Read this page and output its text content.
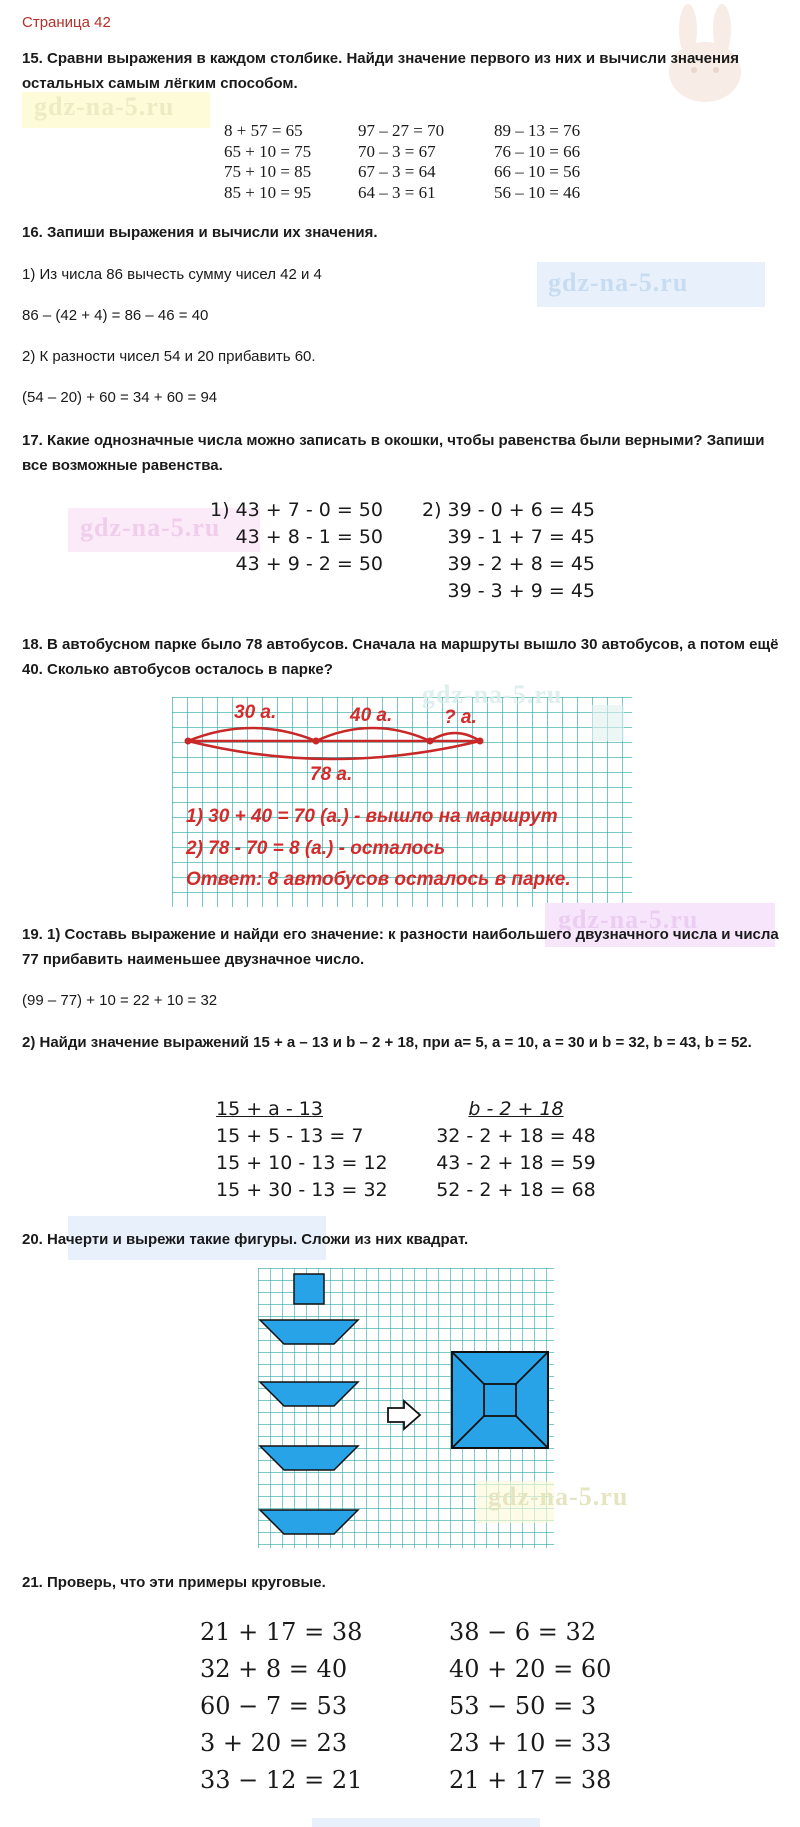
Страница 42
15. Сравни выражения в каждом столбике. Найди значение первого из них и вычисли значения остальных самым лёгким способом.
gdz-na-5.ru
8 + 57 = 65
65 + 10 = 75
75 + 10 = 85
85 + 10 = 95
97 – 27 = 70
70 – 3 = 67
67 – 3 = 64
64 – 3 = 61
89 – 13 = 76
76 – 10 = 66
66 – 10 = 56
56 – 10 = 46
16. Запиши выражения и вычисли их значения.
gdz-na-5.ru
1) Из числа 86 вычесть сумму чисел 42 и 4
86 – (42 + 4) = 86 – 46 = 40
2) К разности чисел 54 и 20 прибавить 60.
(54 – 20) + 60 = 34 + 60 = 94
17. Какие однозначные числа можно записать в окошки, чтобы равенства были верными? Запиши все возможные равенства.
gdz-na-5.ru
1) 43 + 7 - 0 = 50
43 + 8 - 1 = 50
43 + 9 - 2 = 50
2) 39 - 0 + 6 = 45
39 - 1 + 7 = 45
39 - 2 + 8 = 45
39 - 3 + 9 = 45
18. В автобусном парке было 78 автобусов. Сначала на маршруты вышло 30 автобусов, а потом ещё 40. Сколько автобусов осталось в парке?
30 а.	40 а.	? а.
78 а.
1) 30 + 40 = 70 (а.) - вышло на маршрут
2) 78 - 70 = 8 (а.) - осталось
Ответ: 8 автобусов осталось в парке.
gdz-na-5.ru
gdz-na-5.ru
19. 1) Составь выражение и найди его значение: к разности наибольшего двузначного числа и числа 77 прибавить наименьшее двузначное число.
(99 – 77) + 10 = 22 + 10 = 32
2) Найди значение выражений 15 + а – 13 и b – 2 + 18, при а= 5, а = 10, а = 30 и b = 32, b = 43, b = 52.
15 + a - 13
15 + 5 - 13 = 7
15 + 10 - 13 = 12
15 + 30 - 13 = 32
b - 2 + 18
32 - 2 + 18 = 48
43 - 2 + 18 = 59
52 - 2 + 18 = 68
20. Начерти и вырежи такие фигуры. Сложи из них квадрат.
gdz-na-5.ru
21. Проверь, что эти примеры круговые.
21 + 17 = 38
32 + 8 = 40
60 − 7 = 53
3 + 20 = 23
33 − 12 = 21
38 − 6 = 32
40 + 20 = 60
53 − 50 = 3
23 + 10 = 33
21 + 17 = 38
